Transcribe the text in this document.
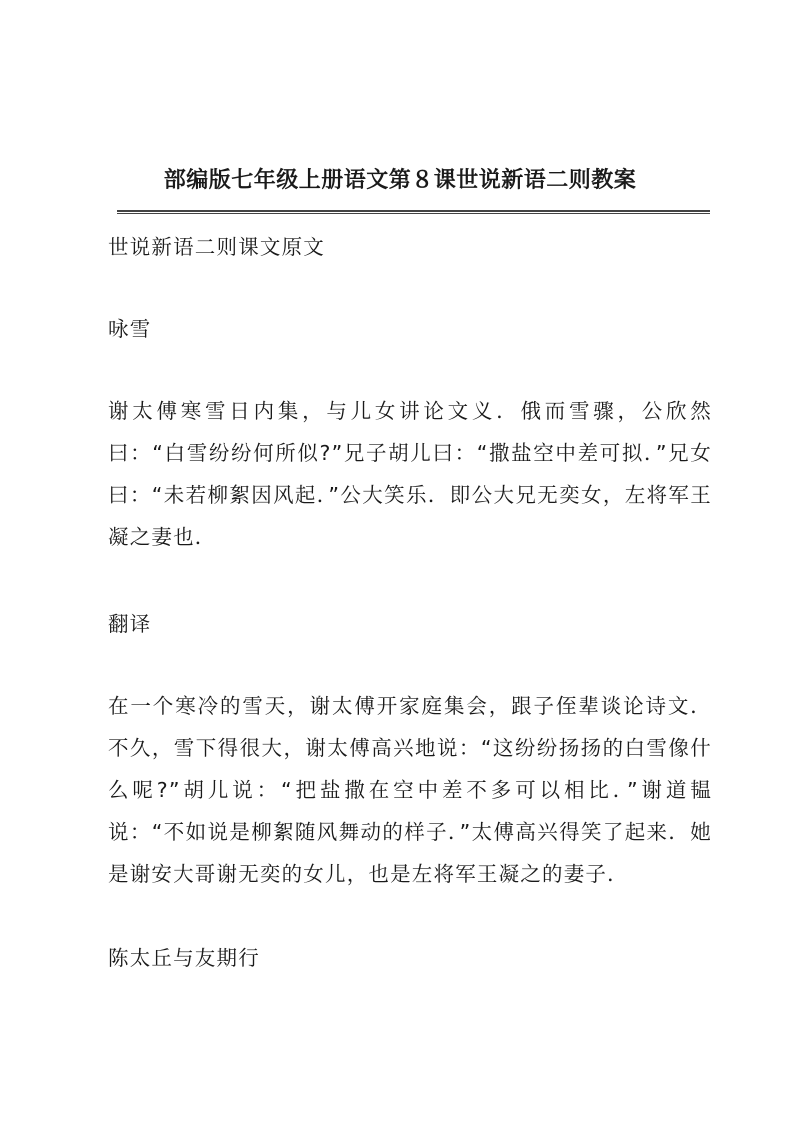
部编版七年级上册语文第８课世说新语二则教案

世说新语二则课文原文

咏雪

谢太傅寒雪日内集，与儿女讲论文义．俄而雪骤，公欣然曰：“白雪纷纷何所似?”兄子胡儿曰：“撒盐空中差可拟．”兄女曰：“未若柳絮因风起．”公大笑乐．即公大兄无奕女，左将军王凝之妻也．

翻译

在一个寒冷的雪天，谢太傅开家庭集会，跟子侄辈谈论诗文．不久，雪下得很大，谢太傅高兴地说：“这纷纷扬扬的白雪像什么呢?”胡儿说：“把盐撒在空中差不多可以相比．”谢道韫说：“不如说是柳絮随风舞动的样子．”太傅高兴得笑了起来．她是谢安大哥谢无奕的女儿，也是左将军王凝之的妻子．

陈太丘与友期行
